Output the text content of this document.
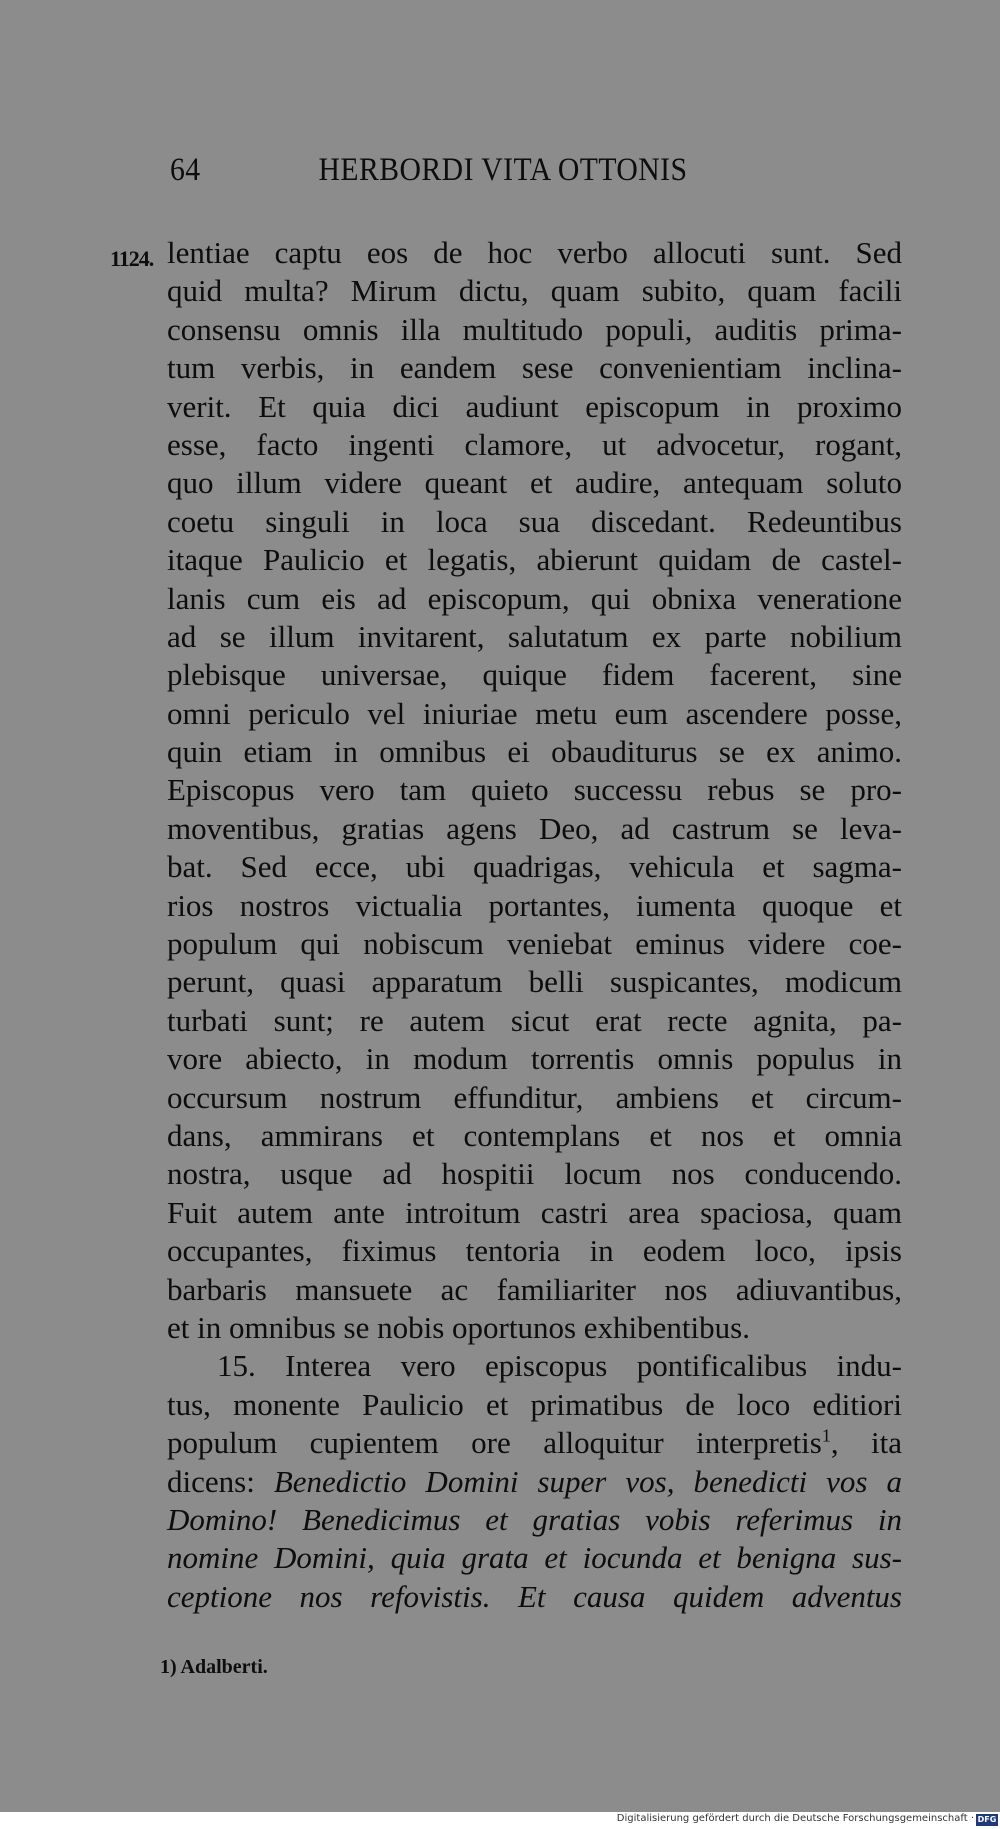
64	HERBORDI VITA OTTONIS
1124. lentiae captu eos de hoc verbo allocuti sunt. Sed
quid multa? Mirum dictu, quam subito, quam facili
consensu omnis illa multitudo populi, auditis prima-
tum verbis, in eandem sese convenientiam inclina-
verit. Et quia dici audiunt episcopum in proximo
esse, facto ingenti clamore, ut advocetur, rogant,
quo illum videre queant et audire, antequam soluto
coetu singuli in loca sua discedant. Redeuntibus
itaque Paulicio et legatis, abierunt quidam de castel-
lanis cum eis ad episcopum, qui obnixa veneratione
ad se illum invitarent, salutatum ex parte nobilium
plebisque universae, quique fidem facerent, sine
omni periculo vel iniuriae metu eum ascendere posse,
quin etiam in omnibus ei obauditurus se ex animo.
Episcopus vero tam quieto successu rebus se pro-
moventibus, gratias agens Deo, ad castrum se leva-
bat. Sed ecce, ubi quadrigas, vehicula et sagma-
rios nostros victualia portantes, iumenta quoque et
populum qui nobiscum veniebat eminus videre coe-
perunt, quasi apparatum belli suspicantes, modicum
turbati sunt; re autem sicut erat recte agnita, pa-
vore abiecto, in modum torrentis omnis populus in
occursum nostrum effunditur, ambiens et circum-
dans, ammirans et contemplans et nos et omnia
nostra, usque ad hospitii locum nos conducendo.
Fuit autem ante introitum castri area spaciosa, quam
occupantes, fiximus tentoria in eodem loco, ipsis
barbaris mansuete ac familiariter nos adiuvantibus,
et in omnibus se nobis oportunos exhibentibus.
15. Interea vero episcopus pontificalibus indu-
tus, monente Paulicio et primatibus de loco editiori
populum cupientem ore alloquitur interpretis$^1$, ita
dicens: Benedictio Domini super vos, benedicti vos a
Domino! Benedicimus et gratias vobis referimus in
nomine Domini, quia grata et iocunda et benigna sus-
ceptione nos refovistis. Et causa quidem adventus
1) Adalberti.
Digitalisierung gefördert durch die Deutsche Forschungsgemeinschaft · DFG
